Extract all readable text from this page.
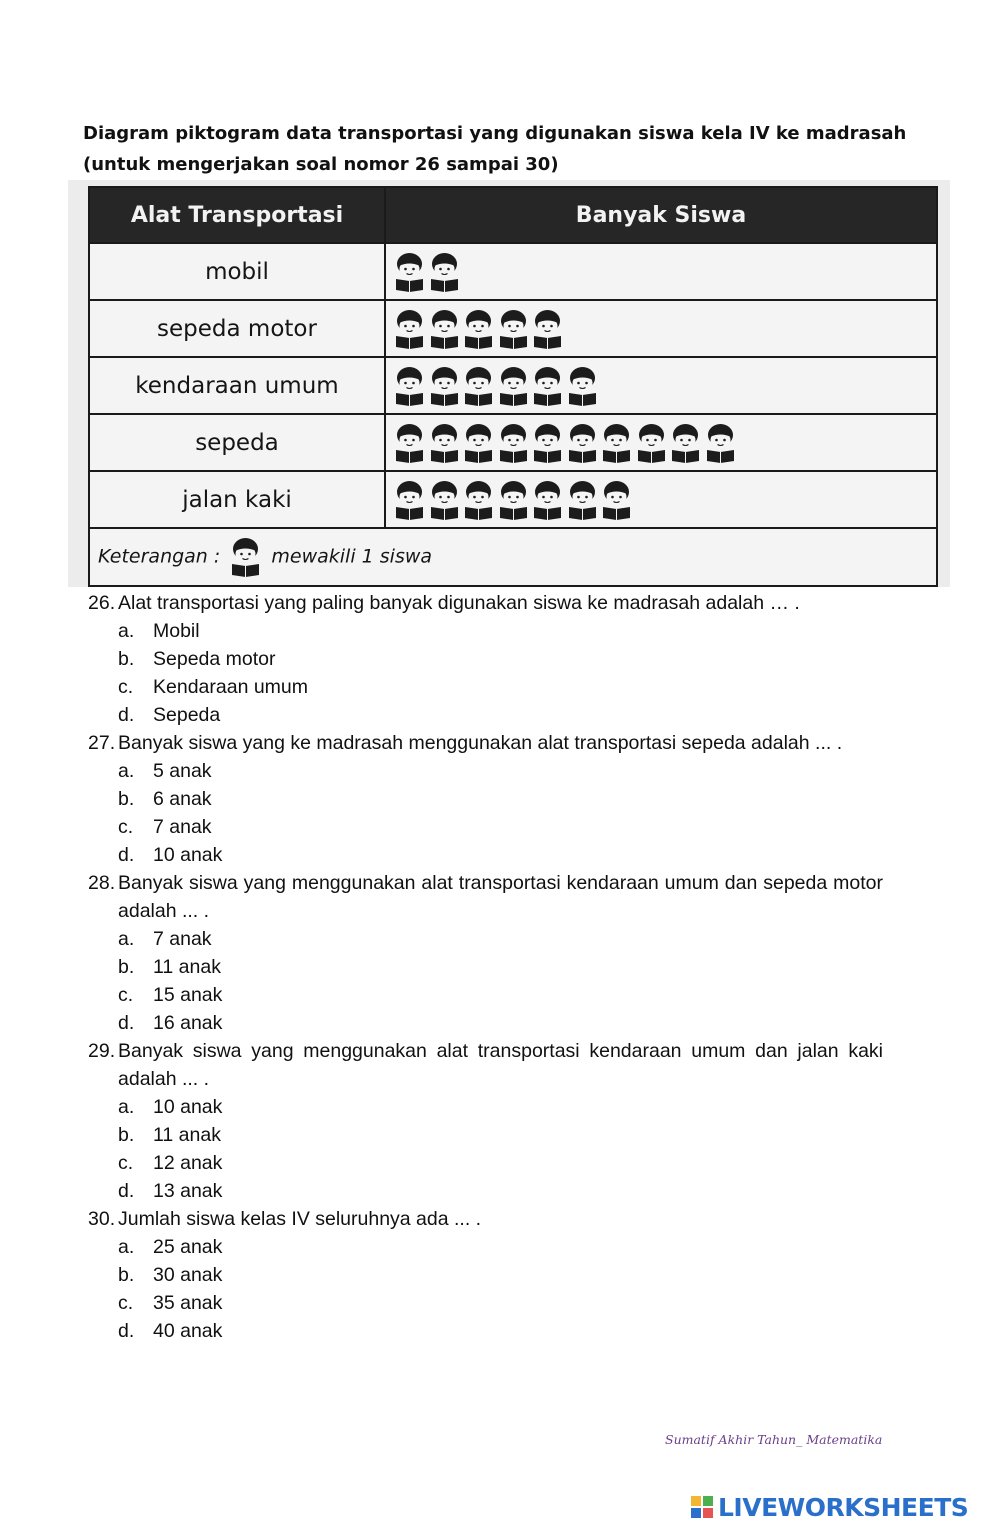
Diagram piktogram data transportasi yang digunakan siswa kela IV ke madrasah
(untuk mengerjakan soal nomor 26 sampai 30)
Alat Transportasi	Banyak Siswa
mobil	

sepeda motor	

kendaraan umum	

sepeda	

jalan kaki	

Keterangan : mewakili 1 siswa	
26. Alat transportasi yang paling banyak digunakan siswa ke madrasah adalah … .
a. Mobil
b. Sepeda motor
c. Kendaraan umum
d. Sepeda
27. Banyak siswa yang ke madrasah menggunakan alat transportasi sepeda adalah ... .
a. 5 anak
b. 6 anak
c. 7 anak
d. 10 anak
28. Banyak siswa yang menggunakan alat transportasi kendaraan umum dan sepeda motor adalah ... .
a. 7 anak
b. 11 anak
c. 15 anak
d. 16 anak
29. Banyak siswa yang menggunakan alat transportasi kendaraan umum dan jalan kaki adalah ... .
a. 10 anak
b. 11 anak
c. 12 anak
d. 13 anak
30. Jumlah siswa kelas IV seluruhnya ada ... .
a. 25 anak
b. 30 anak
c. 35 anak
d. 40 anak
Sumatif Akhir Tahun_ Matematika
LIVEWORKSHEETS
